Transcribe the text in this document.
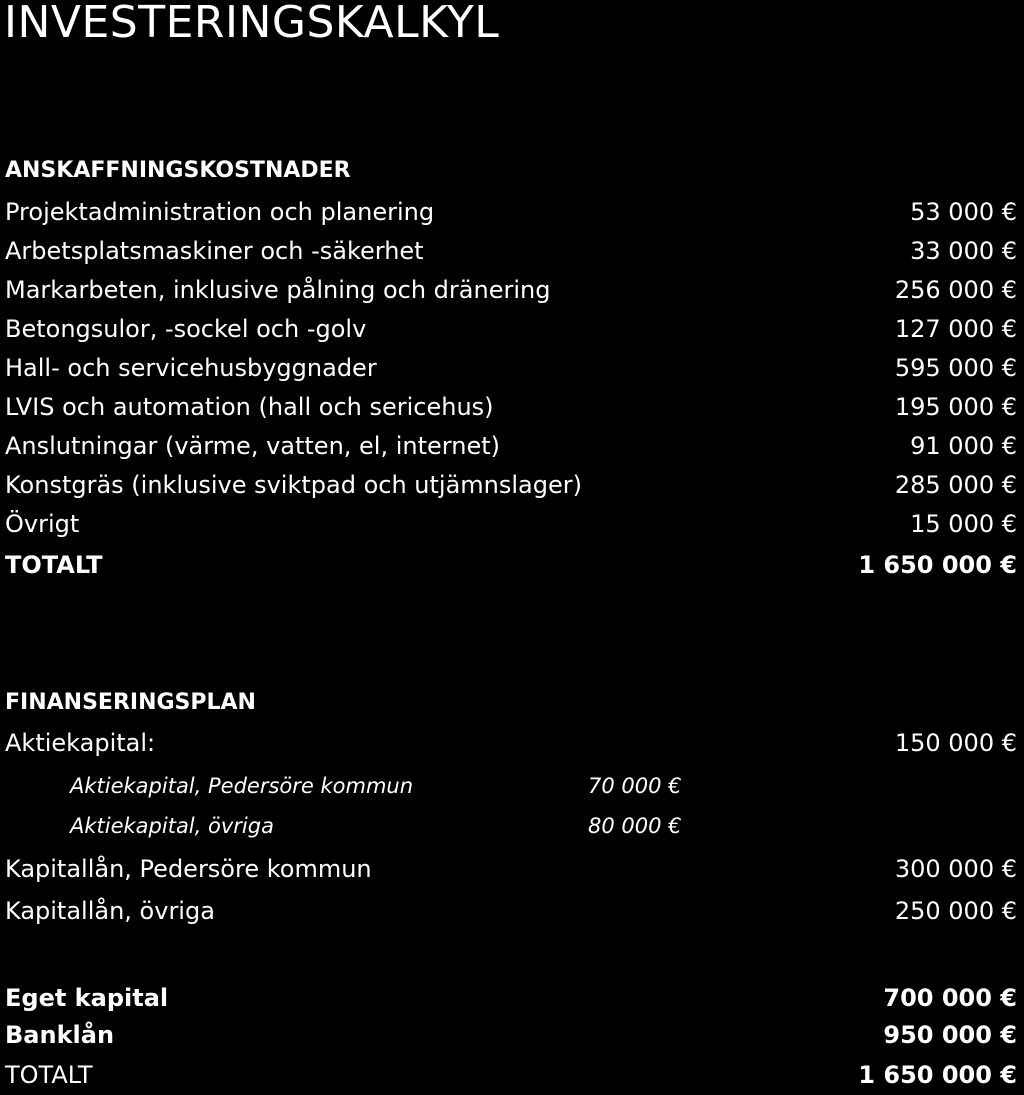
INVESTERINGSKALKYL
ANSKAFFNINGSKOSTNADER
Projektadministration och planering	53 000 €
Arbetsplatsmaskiner och -säkerhet	33 000 €
Markarbeten, inklusive pålning och dränering	256 000 €
Betongsulor, -sockel och -golv	127 000 €
Hall- och servicehusbyggnader	595 000 €
LVIS och automation (hall och sericehus)	195 000 €
Anslutningar (värme, vatten, el, internet)	91 000 €
Konstgräs (inklusive sviktpad och utjämnslager)	285 000 €
Övrigt	15 000 €
TOTALT	1 650 000 €
FINANSERINGSPLAN
Aktiekapital:	150 000 €
Aktiekapital, Pedersöre kommun	70 000 €
Aktiekapital, övriga	80 000 €
Kapitallån, Pedersöre kommun	300 000 €
Kapitallån, övriga	250 000 €
Eget kapital	700 000 €
Banklån	950 000 €
TOTALT	1 650 000 €
